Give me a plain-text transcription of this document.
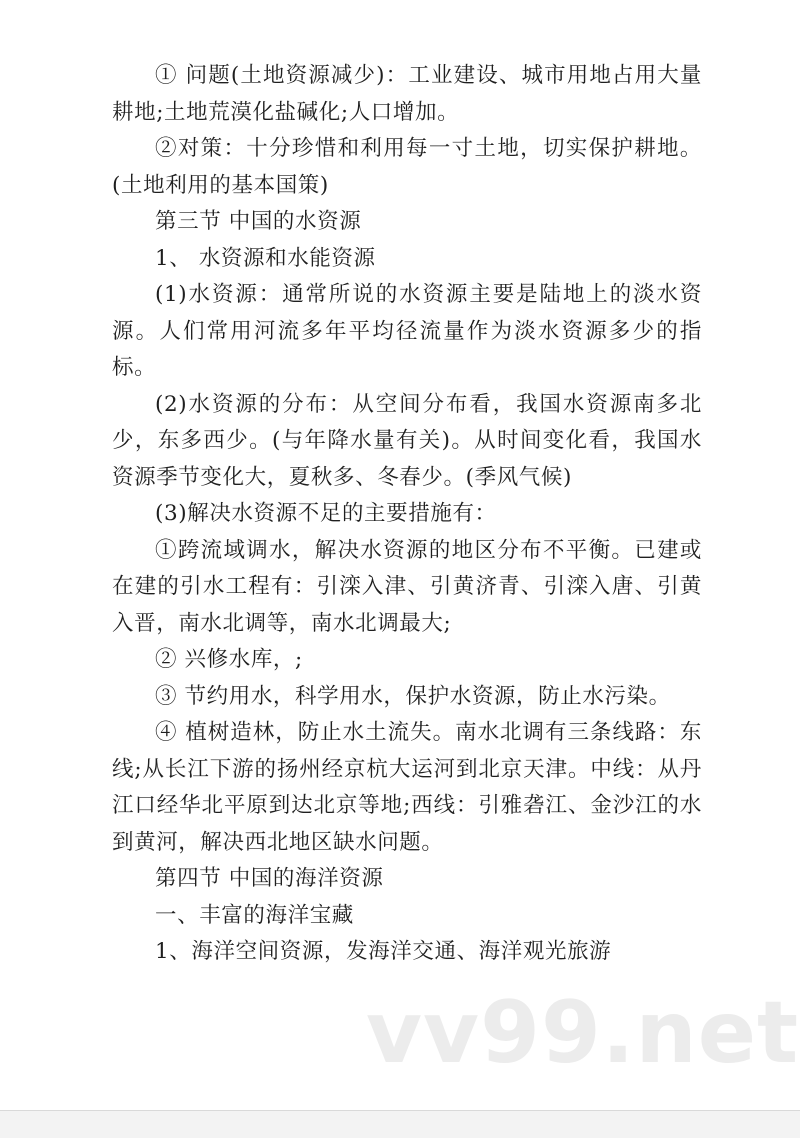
① 问题(土地资源减少)：工业建设、城市用地占用大量耕地;土地荒漠化盐碱化;人口增加。

②对策：十分珍惜和利用每一寸土地，切实保护耕地。(土地利用的基本国策)

第三节 中国的水资源

1、 水资源和水能资源

(1)水资源：通常所说的水资源主要是陆地上的淡水资源。人们常用河流多年平均径流量作为淡水资源多少的指标。

(2)水资源的分布：从空间分布看，我国水资源南多北少，东多西少。(与年降水量有关)。从时间变化看，我国水资源季节变化大，夏秋多、冬春少。(季风气候)

(3)解决水资源不足的主要措施有：

①跨流域调水，解决水资源的地区分布不平衡。已建或在建的引水工程有：引滦入津、引黄济青、引滦入唐、引黄入晋，南水北调等，南水北调最大;

② 兴修水库，;

③ 节约用水，科学用水，保护水资源，防止水污染。

④ 植树造林，防止水土流失。南水北调有三条线路：东线;从长江下游的扬州经京杭大运河到北京天津。中线：从丹江口经华北平原到达北京等地;西线：引雅砻江、金沙江的水到黄河，解决西北地区缺水问题。

第四节 中国的海洋资源

一、丰富的海洋宝藏

1、海洋空间资源，发海洋交通、海洋观光旅游

vv99.net
